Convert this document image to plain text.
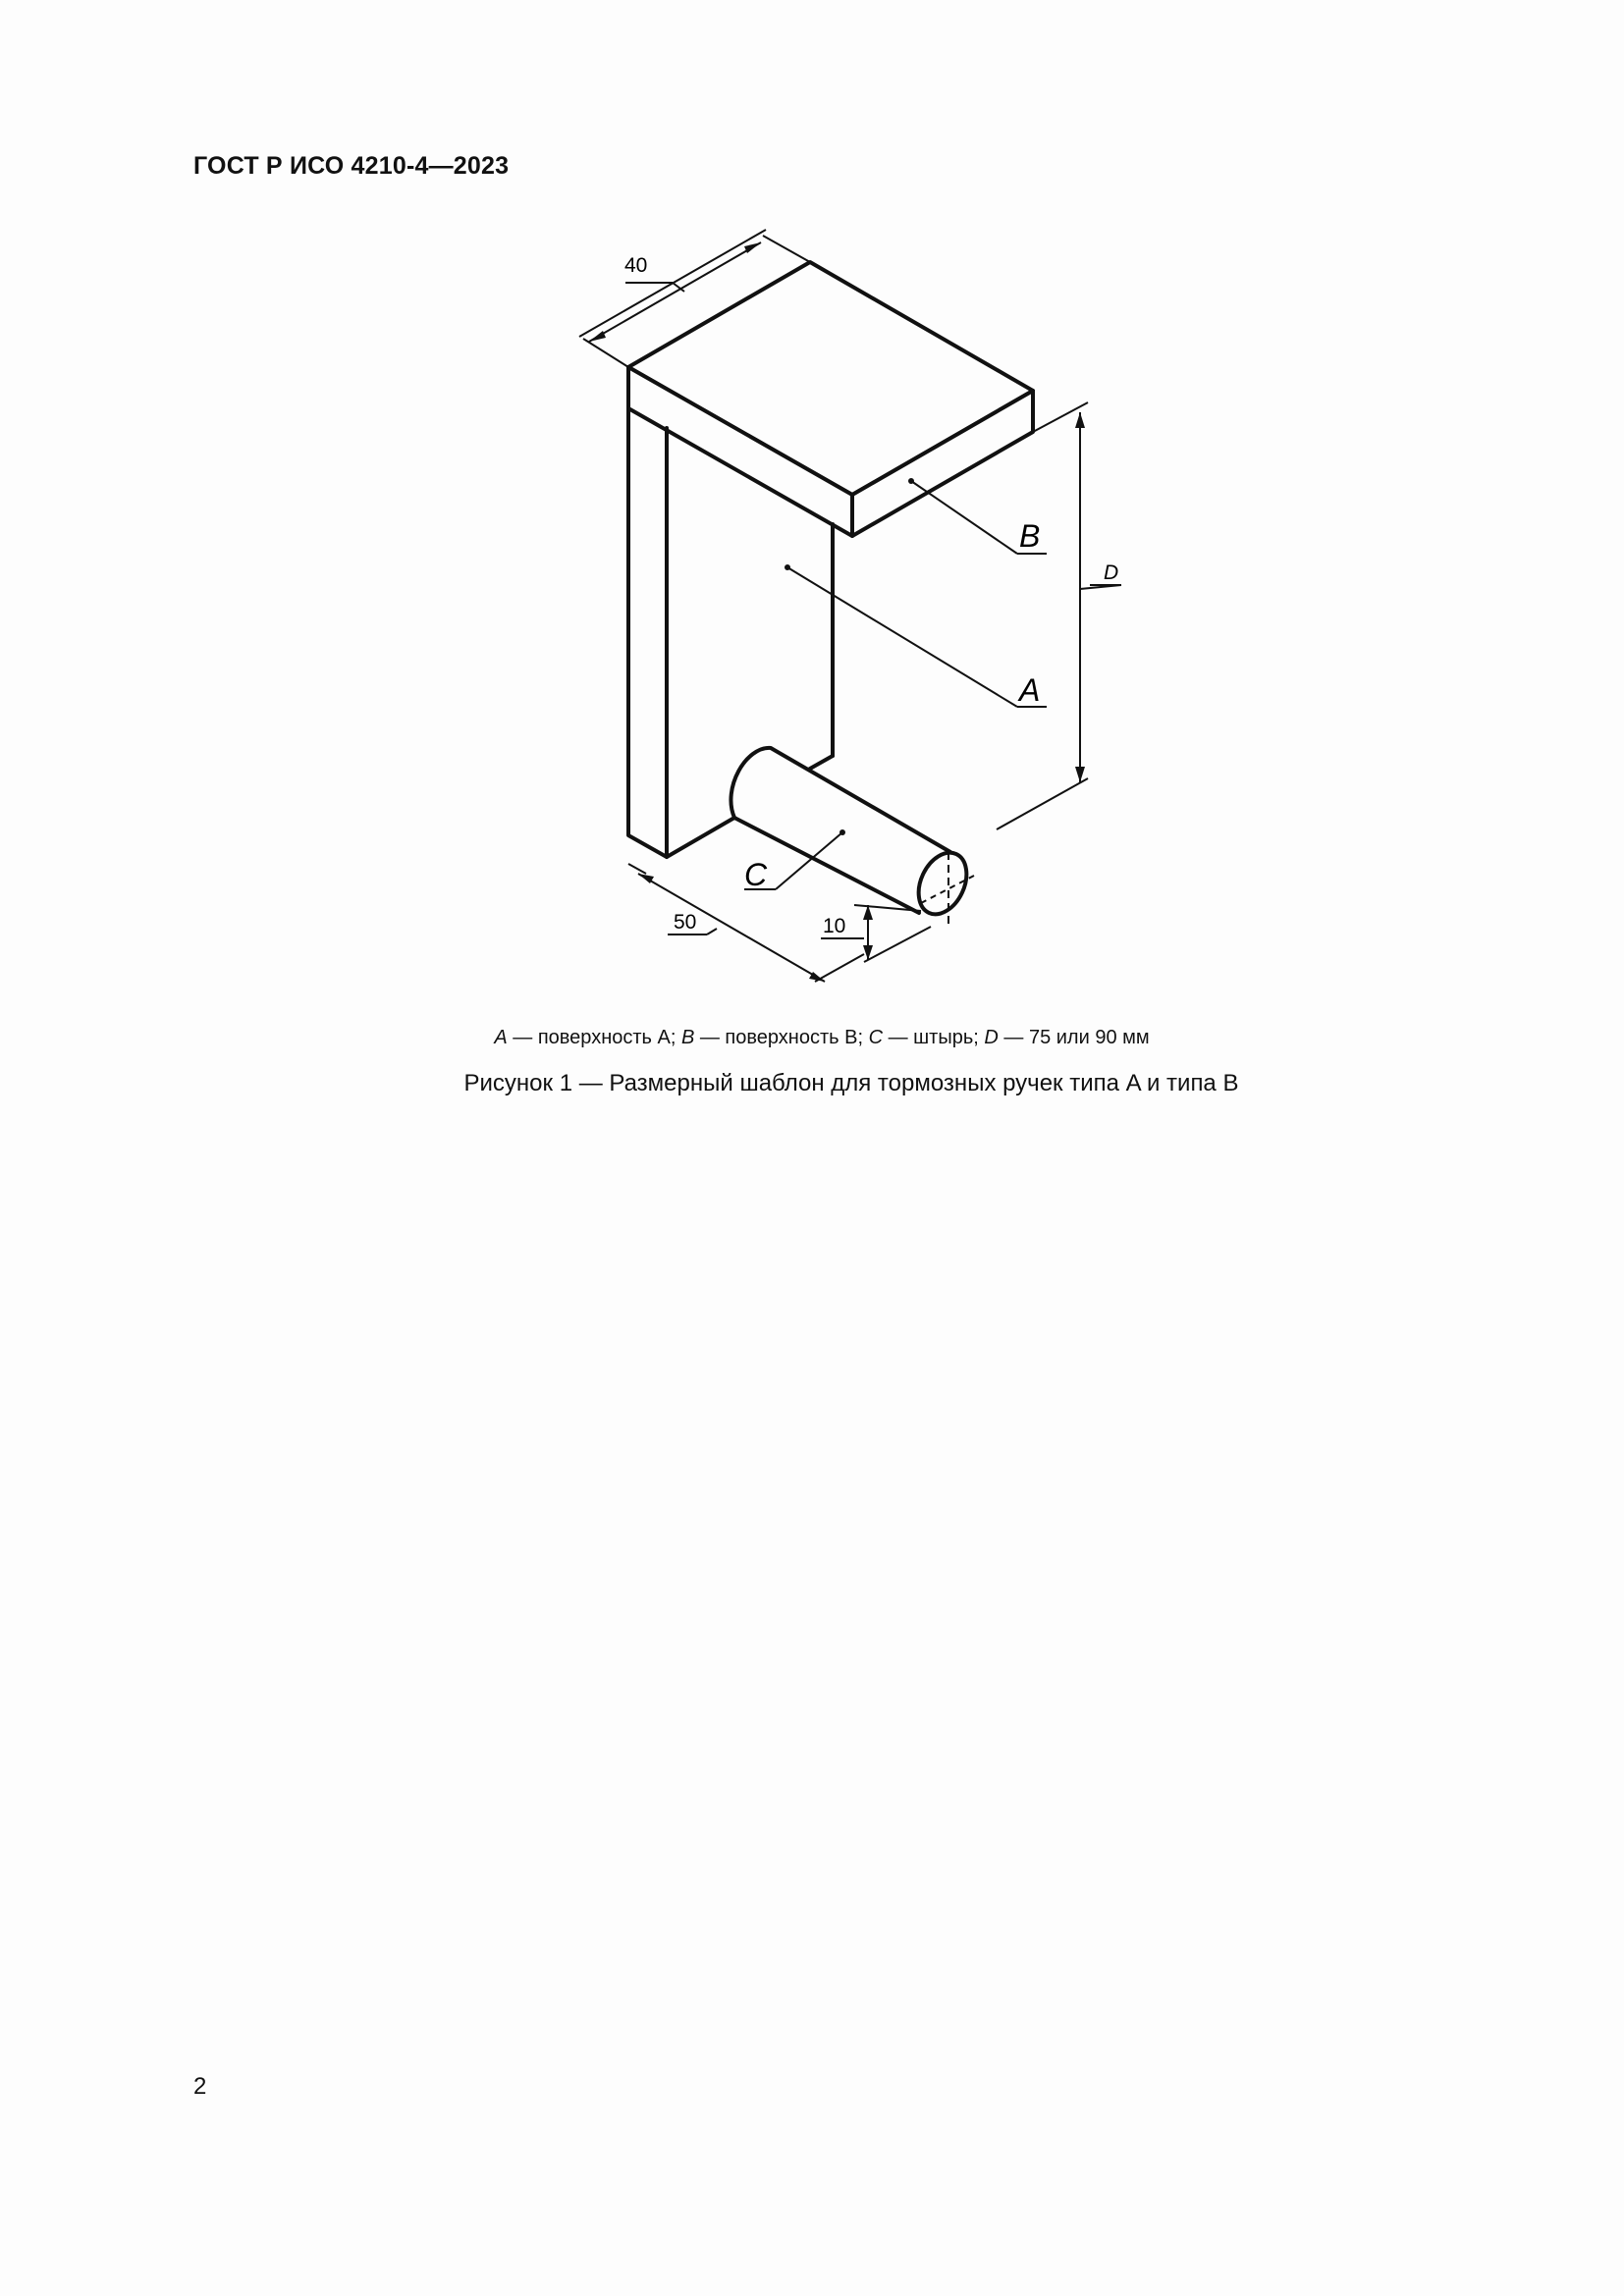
ГОСТ Р ИСО 4210-4—2023
40
D
B
A
C
50	10
A — поверхность A; B — поверхность B; C — штырь; D — 75 или 90 мм
Рисунок 1 — Размерный шаблон для тормозных ручек типа A и типа B
2
